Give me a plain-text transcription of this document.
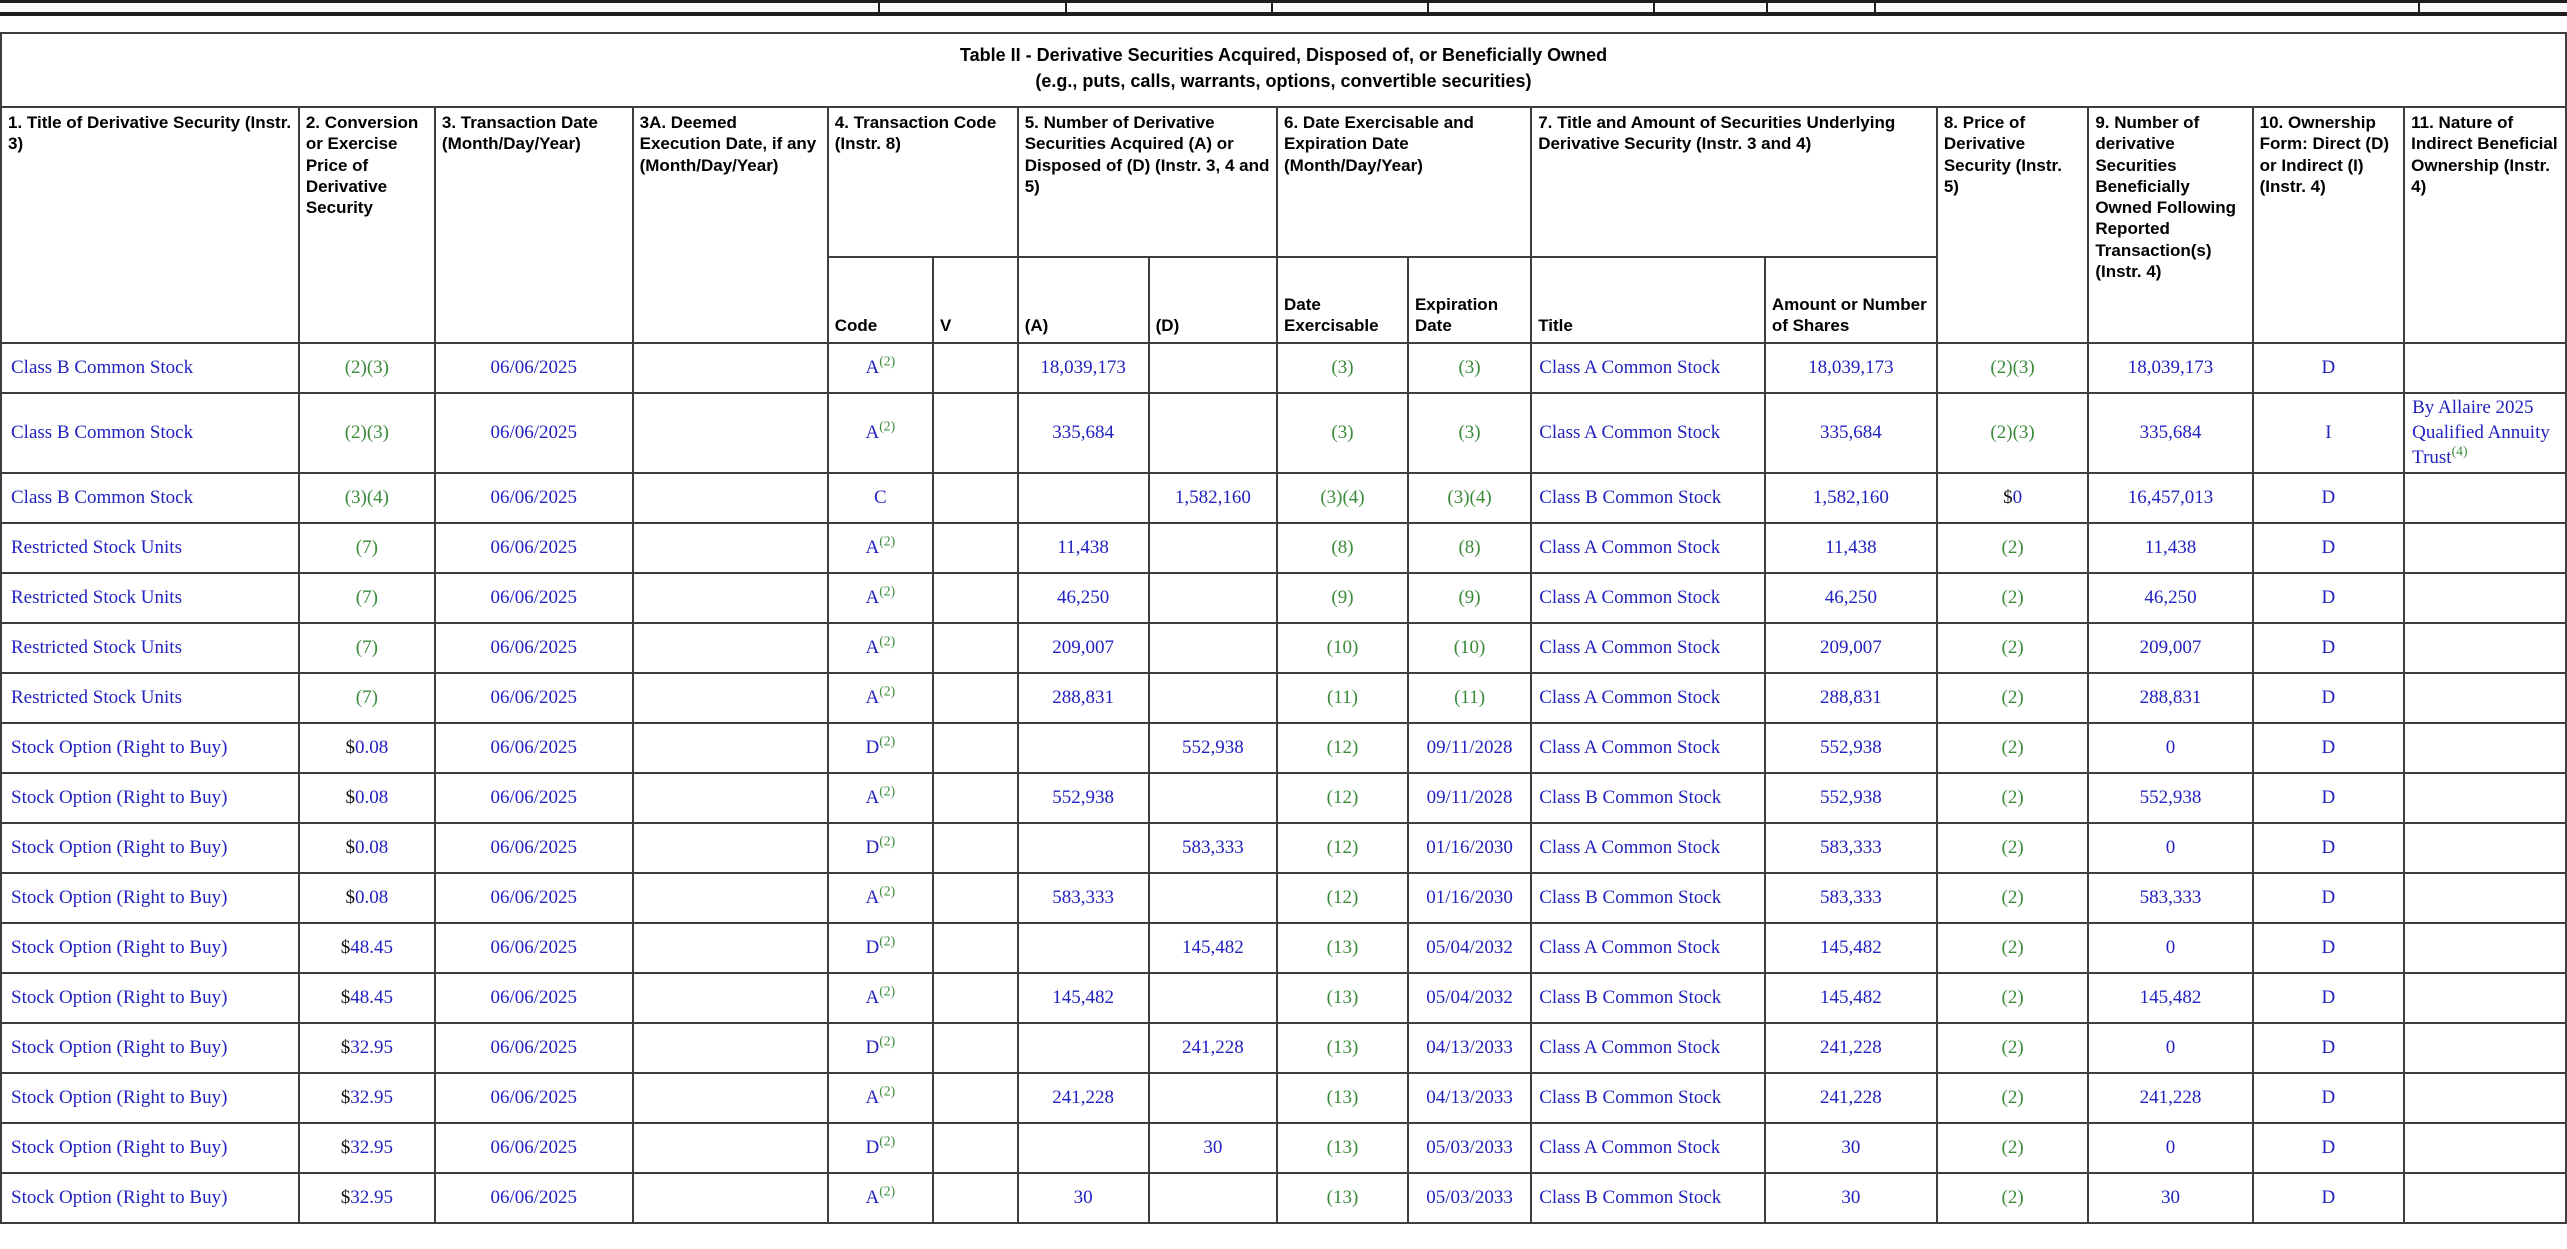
Table II - Derivative Securities Acquired, Disposed of, or Beneficially Owned
(e.g., puts, calls, warrants, options, convertible securities)															

1. Title of Derivative Security (Instr. 3)	2. Conversion or Exercise Price of Derivative Security	3. Transaction Date (Month/Day/Year)	3A. Deemed Execution Date, if any (Month/Day/Year)	4. Transaction Code (Instr. 8)		5. Number of Derivative Securities Acquired (A) or Disposed of (D) (Instr. 3, 4 and 5)		6. Date Exercisable and Expiration Date (Month/Day/Year)		7. Title and Amount of Securities Underlying Derivative Security (Instr. 3 and 4)		8. Price of Derivative Security (Instr. 5)	9. Number of derivative Securities Beneficially Owned Following Reported Transaction(s) (Instr. 4)	10. Ownership Form: Direct (D) or Indirect (I) (Instr. 4)	11. Nature of Indirect Beneficial Ownership (Instr. 4)
				Code	V	(A)	(D)	Date Exercisable	Expiration Date	Title	Amount or Number of Shares				
Class B Common Stock	(2)(3)	06/06/2025		$A^{(2)}$		18,039,173		(3)	(3)	Class A Common Stock	18,039,173	(2)(3)	18,039,173	D	
Class B Common Stock	(2)(3)	06/06/2025		$A^{(2)}$		335,684		(3)	(3)	Class A Common Stock	335,684	(2)(3)	335,684	I	By Allaire 2025 Qualified Annuity Trust$^{(4)}$
Class B Common Stock	(3)(4)	06/06/2025		C			1,582,160	(3)(4)	(3)(4)	Class B Common Stock	1,582,160	$0	16,457,013	D	
Restricted Stock Units	(7)	06/06/2025		$A^{(2)}$		11,438		(8)	(8)	Class A Common Stock	11,438	(2)	11,438	D	
Restricted Stock Units	(7)	06/06/2025		$A^{(2)}$		46,250		(9)	(9)	Class A Common Stock	46,250	(2)	46,250	D	
Restricted Stock Units	(7)	06/06/2025		$A^{(2)}$		209,007		(10)	(10)	Class A Common Stock	209,007	(2)	209,007	D	
Restricted Stock Units	(7)	06/06/2025		$A^{(2)}$		288,831		(11)	(11)	Class A Common Stock	288,831	(2)	288,831	D	
Stock Option (Right to Buy)	$0.08	06/06/2025		$D^{(2)}$			552,938	(12)	09/11/2028	Class A Common Stock	552,938	(2)	0	D	
Stock Option (Right to Buy)	$0.08	06/06/2025		$A^{(2)}$		552,938		(12)	09/11/2028	Class B Common Stock	552,938	(2)	552,938	D	
Stock Option (Right to Buy)	$0.08	06/06/2025		$D^{(2)}$			583,333	(12)	01/16/2030	Class A Common Stock	583,333	(2)	0	D	
Stock Option (Right to Buy)	$0.08	06/06/2025		$A^{(2)}$		583,333		(12)	01/16/2030	Class B Common Stock	583,333	(2)	583,333	D	
Stock Option (Right to Buy)	$48.45	06/06/2025		$D^{(2)}$			145,482	(13)	05/04/2032	Class A Common Stock	145,482	(2)	0	D	
Stock Option (Right to Buy)	$48.45	06/06/2025		$A^{(2)}$		145,482		(13)	05/04/2032	Class B Common Stock	145,482	(2)	145,482	D	
Stock Option (Right to Buy)	$32.95	06/06/2025		$D^{(2)}$			241,228	(13)	04/13/2033	Class A Common Stock	241,228	(2)	0	D	
Stock Option (Right to Buy)	$32.95	06/06/2025		$A^{(2)}$		241,228		(13)	04/13/2033	Class B Common Stock	241,228	(2)	241,228	D	
Stock Option (Right to Buy)	$32.95	06/06/2025		$D^{(2)}$			30	(13)	05/03/2033	Class A Common Stock	30	(2)	0	D	
Stock Option (Right to Buy)	$32.95	06/06/2025		$A^{(2)}$		30		(13)	05/03/2033	Class B Common Stock	30	(2)	30	D	
